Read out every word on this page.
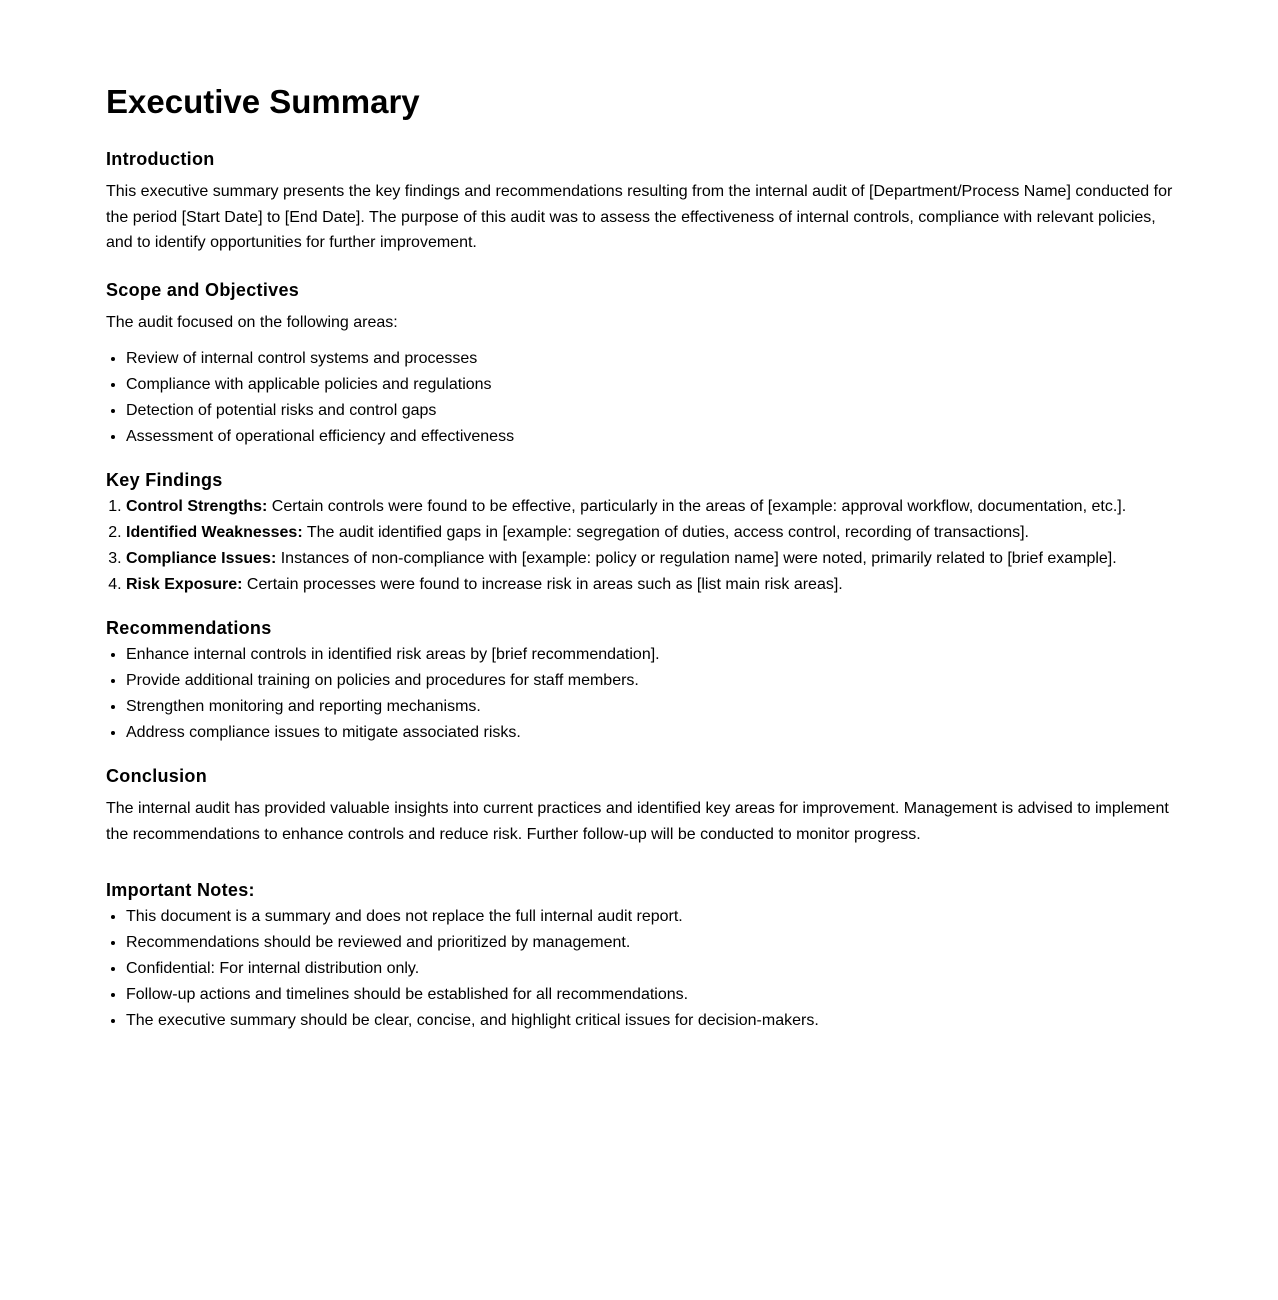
Executive Summary
Introduction

This executive summary presents the key findings and recommendations resulting from the internal audit of [Department/Process Name] conducted for the period [Start Date] to [End Date]. The purpose of this audit was to assess the effectiveness of internal controls, compliance with relevant policies, and to identify opportunities for further improvement.

Scope and Objectives

The audit focused on the following areas:

• Review of internal control systems and processes
• Compliance with applicable policies and regulations
• Detection of potential risks and control gaps
• Assessment of operational efficiency and effectiveness
Key Findings
1. Control Strengths: Certain controls were found to be effective, particularly in the areas of [example: approval workflow, documentation, etc.].
2. Identified Weaknesses: The audit identified gaps in [example: segregation of duties, access control, recording of transactions].
3. Compliance Issues: Instances of non-compliance with [example: policy or regulation name] were noted, primarily related to [brief example].
4. Risk Exposure: Certain processes were found to increase risk in areas such as [list main risk areas].
Recommendations
• Enhance internal controls in identified risk areas by [brief recommendation].
• Provide additional training on policies and procedures for staff members.
• Strengthen monitoring and reporting mechanisms.
• Address compliance issues to mitigate associated risks.
Conclusion

The internal audit has provided valuable insights into current practices and identified key areas for improvement. Management is advised to implement the recommendations to enhance controls and reduce risk. Further follow-up will be conducted to monitor progress.

Important Notes:
• This document is a summary and does not replace the full internal audit report.
• Recommendations should be reviewed and prioritized by management.
• Confidential: For internal distribution only.
• Follow-up actions and timelines should be established for all recommendations.
• The executive summary should be clear, concise, and highlight critical issues for decision-makers.
